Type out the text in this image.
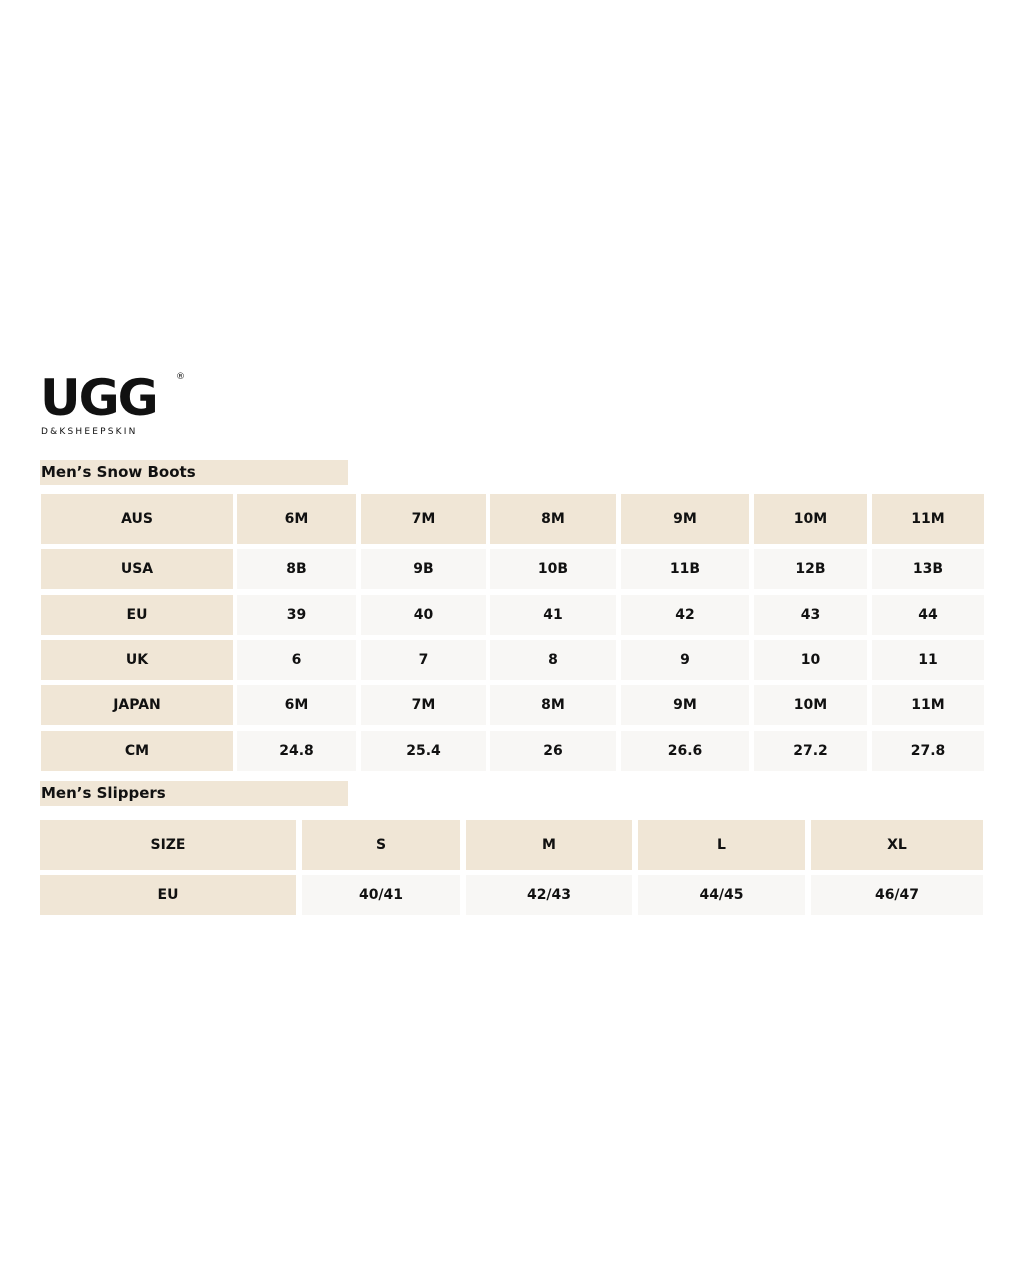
UGG ®
D&KSHEEPSKIN
Men’s Snow Boots
AUS	6M	7M	8M	9M	10M	11M
USA	8B	9B	10B	11B	12B	13B
EU	39	40	41	42	43	44
UK	6	7	8	9	10	11
JAPAN	6M	7M	8M	9M	10M	11M
CM	24.8	25.4	26	26.6	27.2	27.8
Men’s Slippers
SIZE	S	M	L	XL
EU	40/41	42/43	44/45	46/47
